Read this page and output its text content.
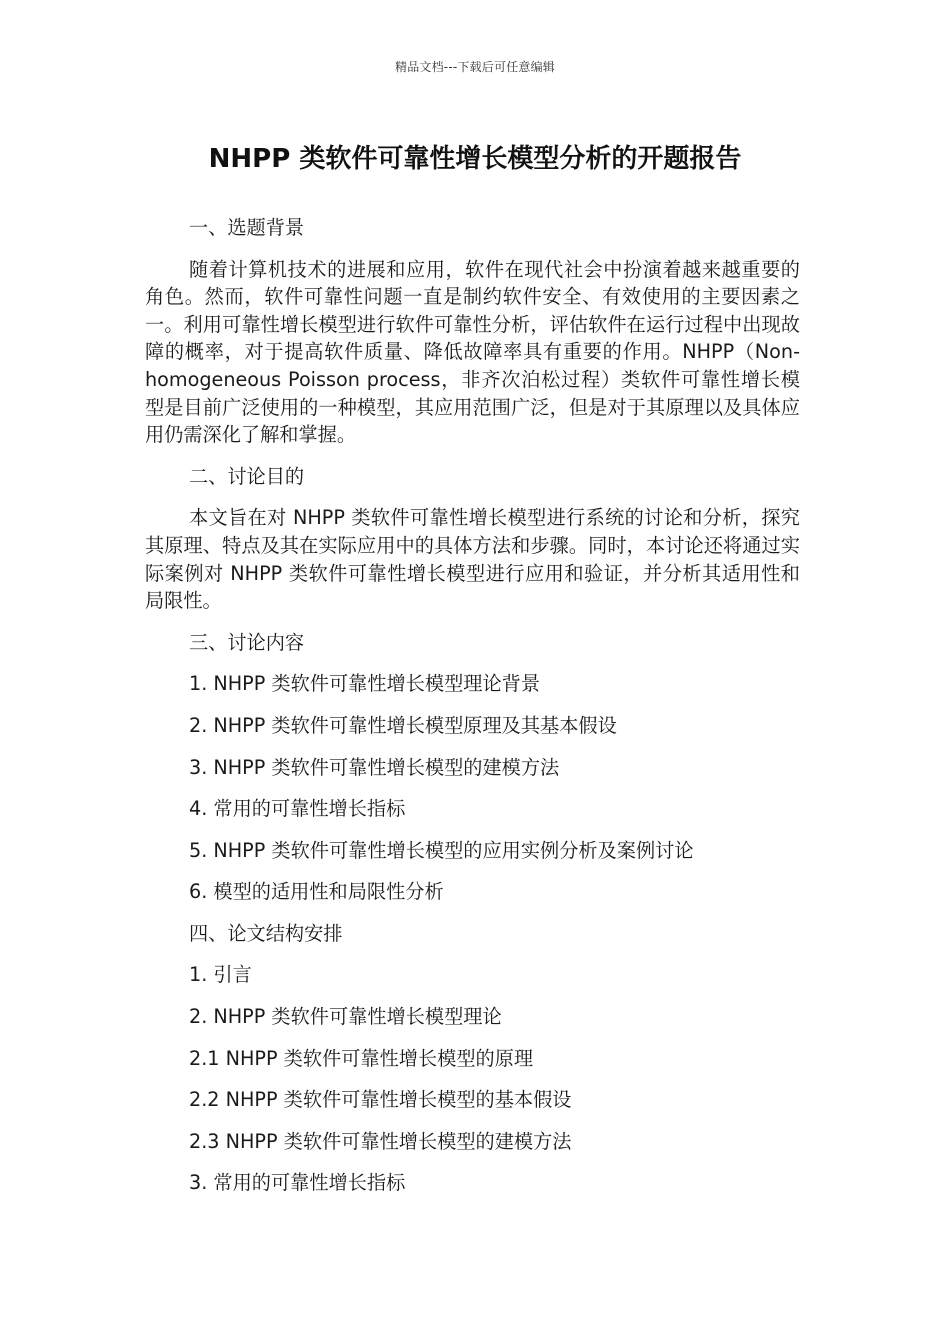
精品文档---下载后可任意编辑
NHPP 类软件可靠性增长模型分析的开题报告
一、选题背景

随着计算机技术的进展和应用，软件在现代社会中扮演着越来越重要的角色。然而，软件可靠性问题一直是制约软件安全、有效使用的主要因素之一。利用可靠性增长模型进行软件可靠性分析，评估软件在运行过程中出现故障的概率，对于提高软件质量、降低故障率具有重要的作用。NHPP（Non-homogeneous Poisson process，非齐次泊松过程）类软件可靠性增长模型是目前广泛使用的一种模型，其应用范围广泛，但是对于其原理以及具体应用仍需深化了解和掌握。

二、讨论目的

本文旨在对 NHPP 类软件可靠性增长模型进行系统的讨论和分析，探究其原理、特点及其在实际应用中的具体方法和步骤。同时，本讨论还将通过实际案例对 NHPP 类软件可靠性增长模型进行应用和验证，并分析其适用性和局限性。

三、讨论内容
1. NHPP 类软件可靠性增长模型理论背景
2. NHPP 类软件可靠性增长模型原理及其基本假设
3. NHPP 类软件可靠性增长模型的建模方法
4. 常用的可靠性增长指标
5. NHPP 类软件可靠性增长模型的应用实例分析及案例讨论
6. 模型的适用性和局限性分析
四、论文结构安排
1. 引言
2. NHPP 类软件可靠性增长模型理论
2.1 NHPP 类软件可靠性增长模型的原理
2.2 NHPP 类软件可靠性增长模型的基本假设
2.3 NHPP 类软件可靠性增长模型的建模方法
3. 常用的可靠性增长指标
